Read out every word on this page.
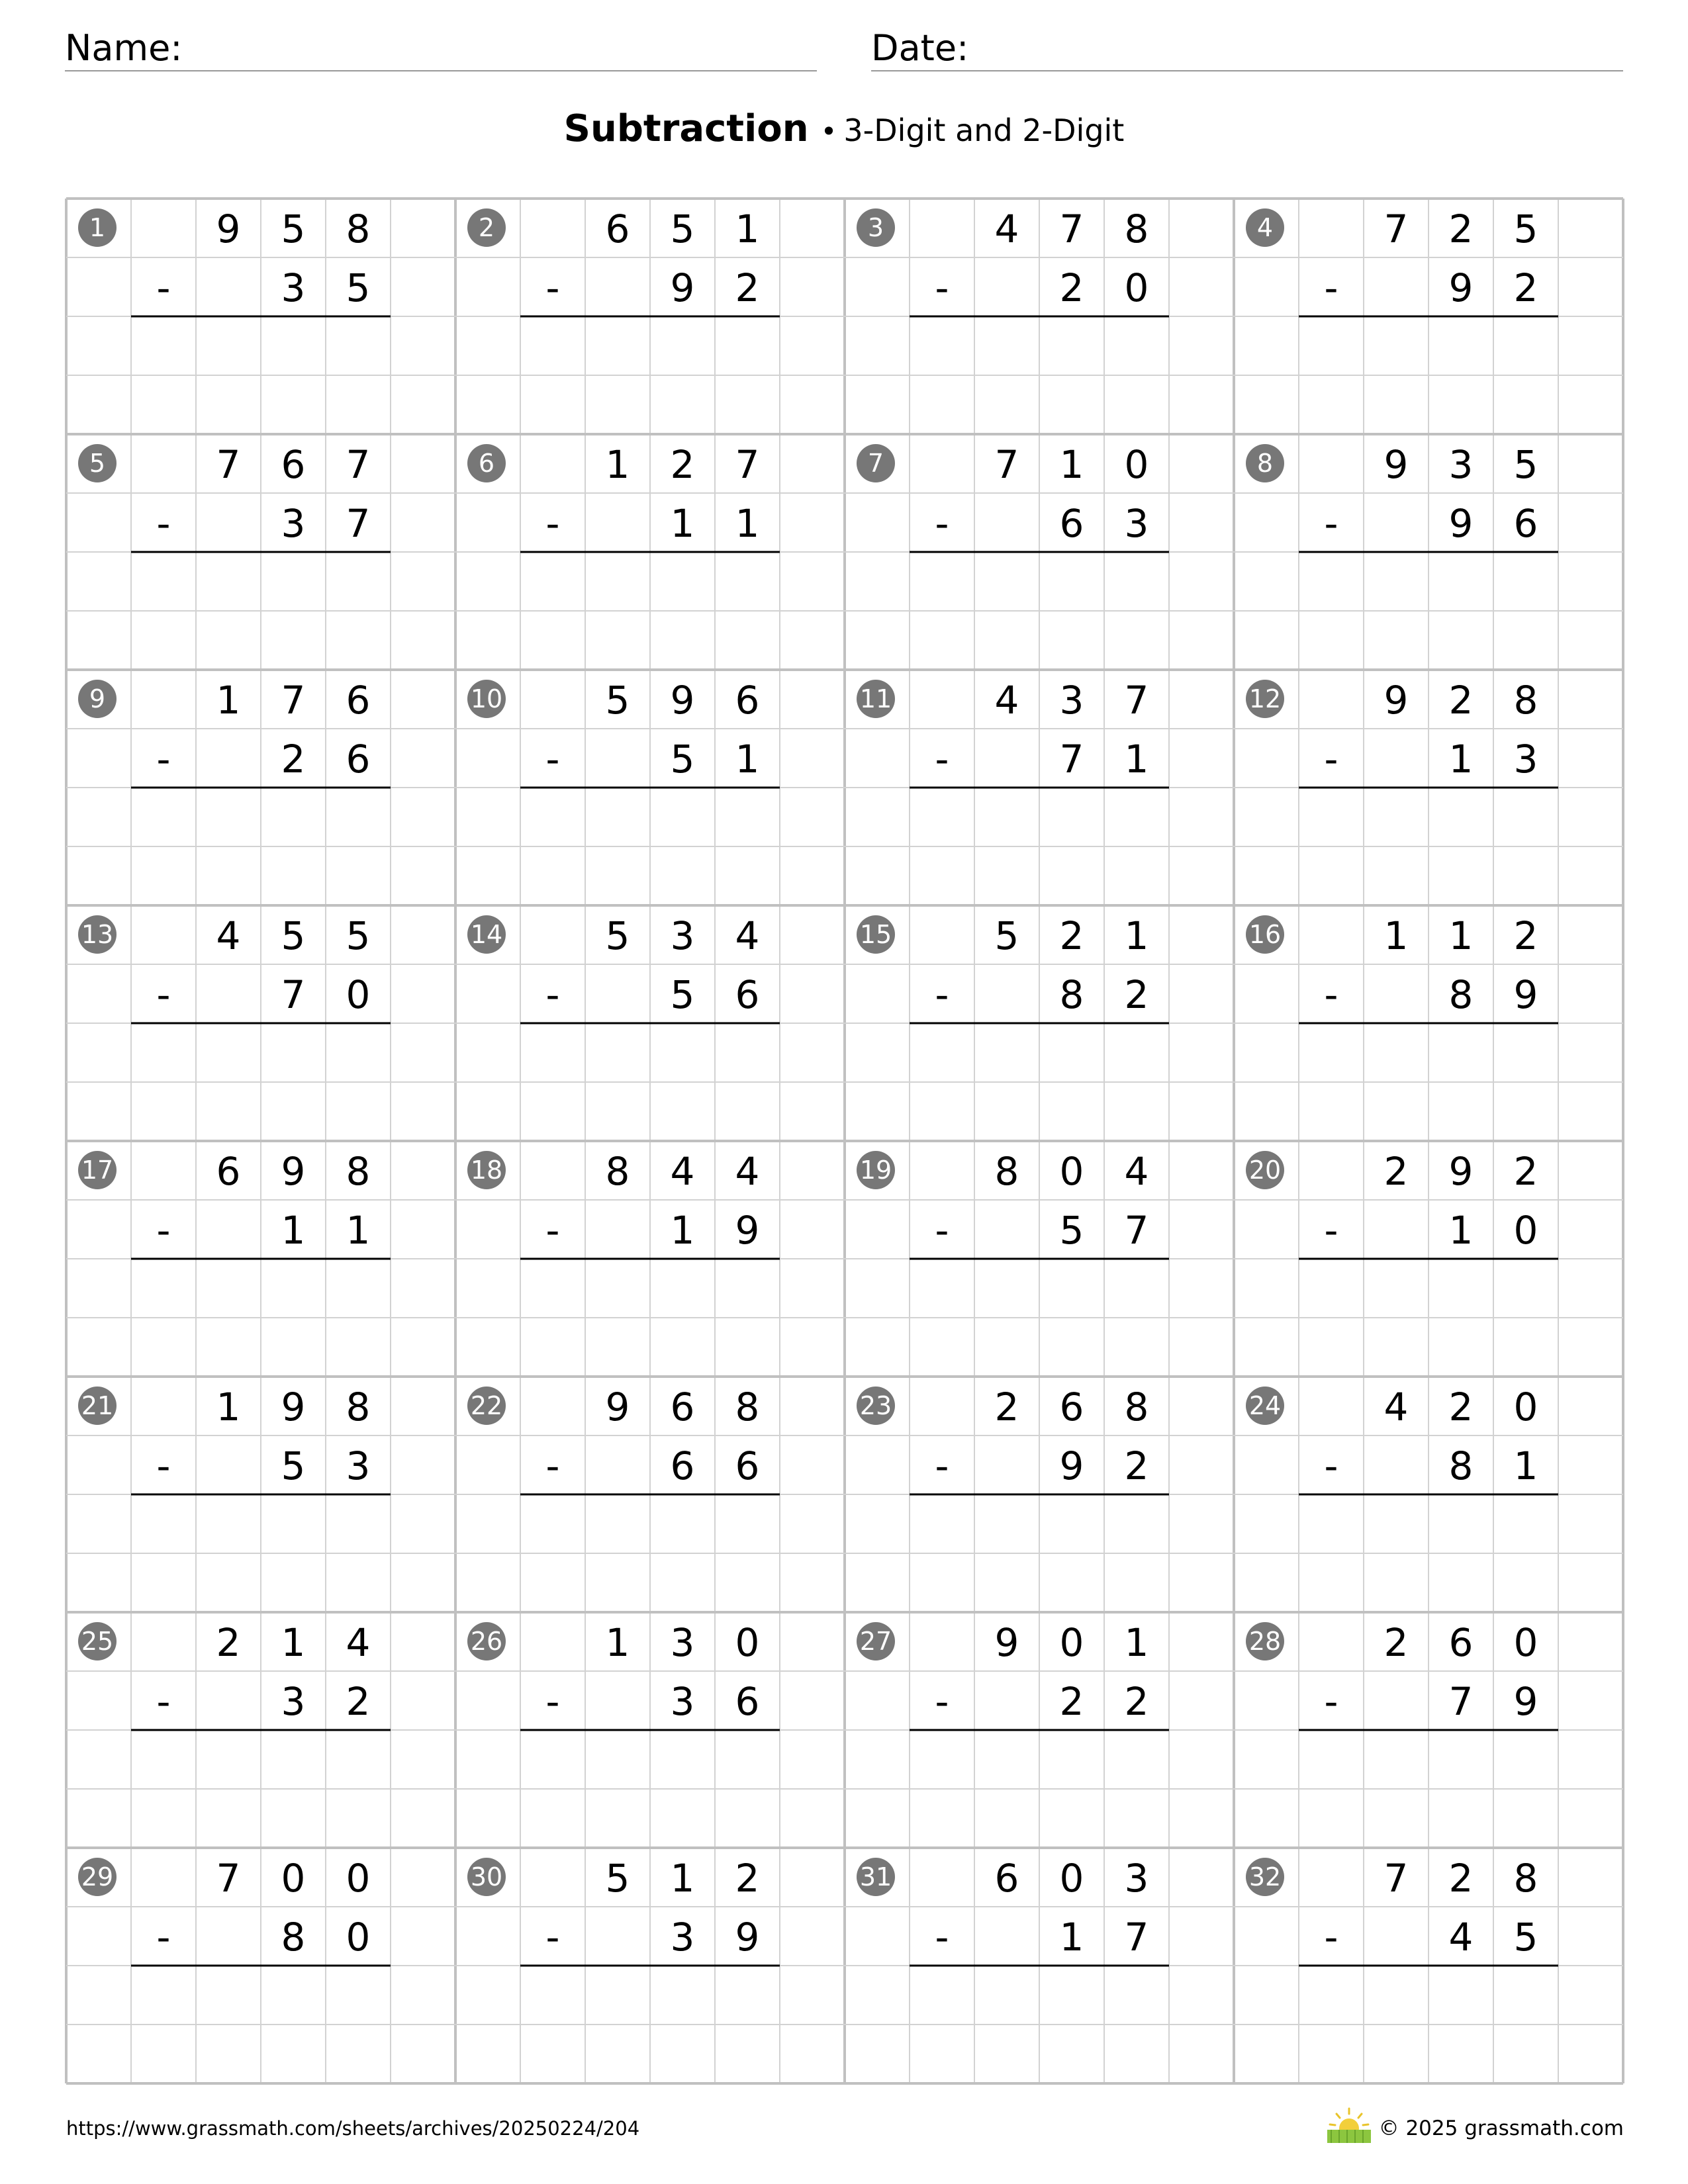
Name:	Date:
Subtraction • 3-Digit and 2-Digit
1	9 5 8
-	3 5
2	6 5 1
-	9 2
3	4 7 8
-	2 0
4	7 2 5
-	9 2
5	7 6 7
-	3 7
6	1 2 7
-	1 1
7	7 1 0
-	6 3
8	9 3 5
-	9 6
9	1 7 6
-	2 6
10	5 9 6
-	5 1
11	4 3 7
-	7 1
12	9 2 8
-	1 3
13	4 5 5
-	7 0
14	5 3 4
-	5 6
15	5 2 1
-	8 2
16	1 1 2
-	8 9
17	6 9 8
-	1 1
18	8 4 4
-	1 9
19	8 0 4
-	5 7
20	2 9 2
-	1 0
21	1 9 8
-	5 3
22	9 6 8
-	6 6
23	2 6 8
-	9 2
24	4 2 0
-	8 1
25	2 1 4
-	3 2
26	1 3 0
-	3 6
27	9 0 1
-	2 2
28	2 6 0
-	7 9
29	7 0 0
-	8 0
30	5 1 2
-	3 9
31	6 0 3
-	1 7
32	7 2 8
-	4 5
https://www.grassmath.com/sheets/archives/20250224/204	© 2025 grassmath.com
